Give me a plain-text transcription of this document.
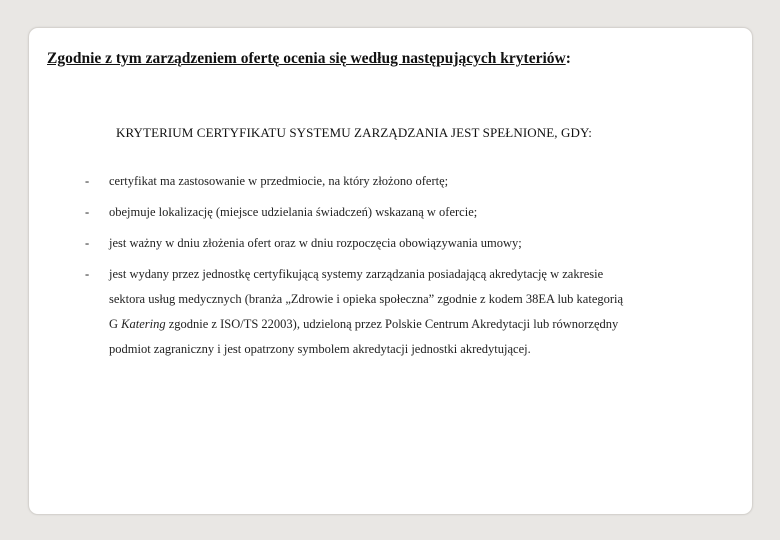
Zgodnie z tym zarządzeniem ofertę ocenia się według następujących kryteriów:
KRYTERIUM CERTYFIKATU SYSTEMU ZARZĄDZANIA JEST SPEŁNIONE, GDY:
-	certyfikat ma zastosowanie w przedmiocie, na który złożono ofertę;
-	obejmuje lokalizację (miejsce udzielania świadczeń) wskazaną w ofercie;
-	jest ważny w dniu złożenia ofert oraz w dniu rozpoczęcia obowiązywania umowy;
-	jest wydany przez jednostkę certyfikującą systemy zarządzania posiadającą akredytację w zakresie
sektora usług medycznych (branża „Zdrowie i opieka społeczna” zgodnie z kodem 38EA lub kategorią
G Katering zgodnie z ISO/TS 22003), udzieloną przez Polskie Centrum Akredytacji lub równorzędny
podmiot zagraniczny i jest opatrzony symbolem akredytacji jednostki akredytującej.
